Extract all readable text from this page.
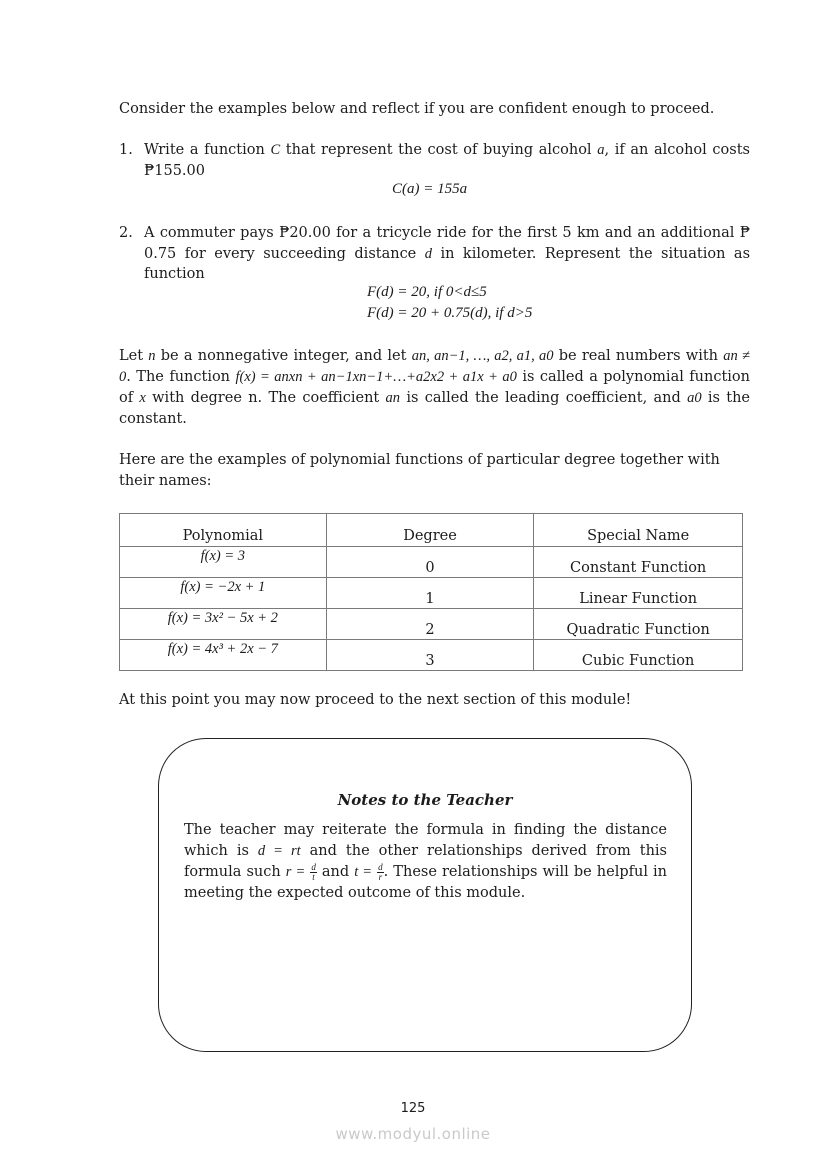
Consider the examples below and reflect if you are confident enough to proceed.

1. Write a function C that represent the cost of buying alcohol a, if an alcohol costs ₱155.00
C(a) = 155a
2. A commuter pays ₱20.00 for a tricycle ride for the first 5 km and an additional ₱ 0.75 for every succeeding distance d in kilometer. Represent the situation as function
F(d) = 20, if 0<d≤5
F(d) = 20 + 0.75(d), if d>5

Let n be a nonnegative integer, and let an, an−1, …, a2, a1, a0 be real numbers with an ≠ 0. The function f(x) = anxn + an−1xn−1+…+a2x2 + a1x + a0 is called a polynomial function of x with degree n. The coefficient an is called the leading coefficient, and a0 is the constant.

Here are the examples of polynomial functions of particular degree together with their names:

Polynomial	Degree	Special Name
f(x) = 3	0	Constant Function
f(x) = −2x + 1	1	Linear Function
f(x) = 3x² − 5x + 2	2	Quadratic Function
f(x) = 4x³ + 2x − 7	3	Cubic Function

At this point you may now proceed to the next section of this module!

Notes to the Teacher
The teacher may reiterate the formula in finding the distance which is d = rt and the other relationships derived from this formula such $r = \frac{d}{t}$ and $t = \frac{d}{r}$ . These relationships will be helpful in meeting the expected outcome of this module.
125
www.modyul.online
